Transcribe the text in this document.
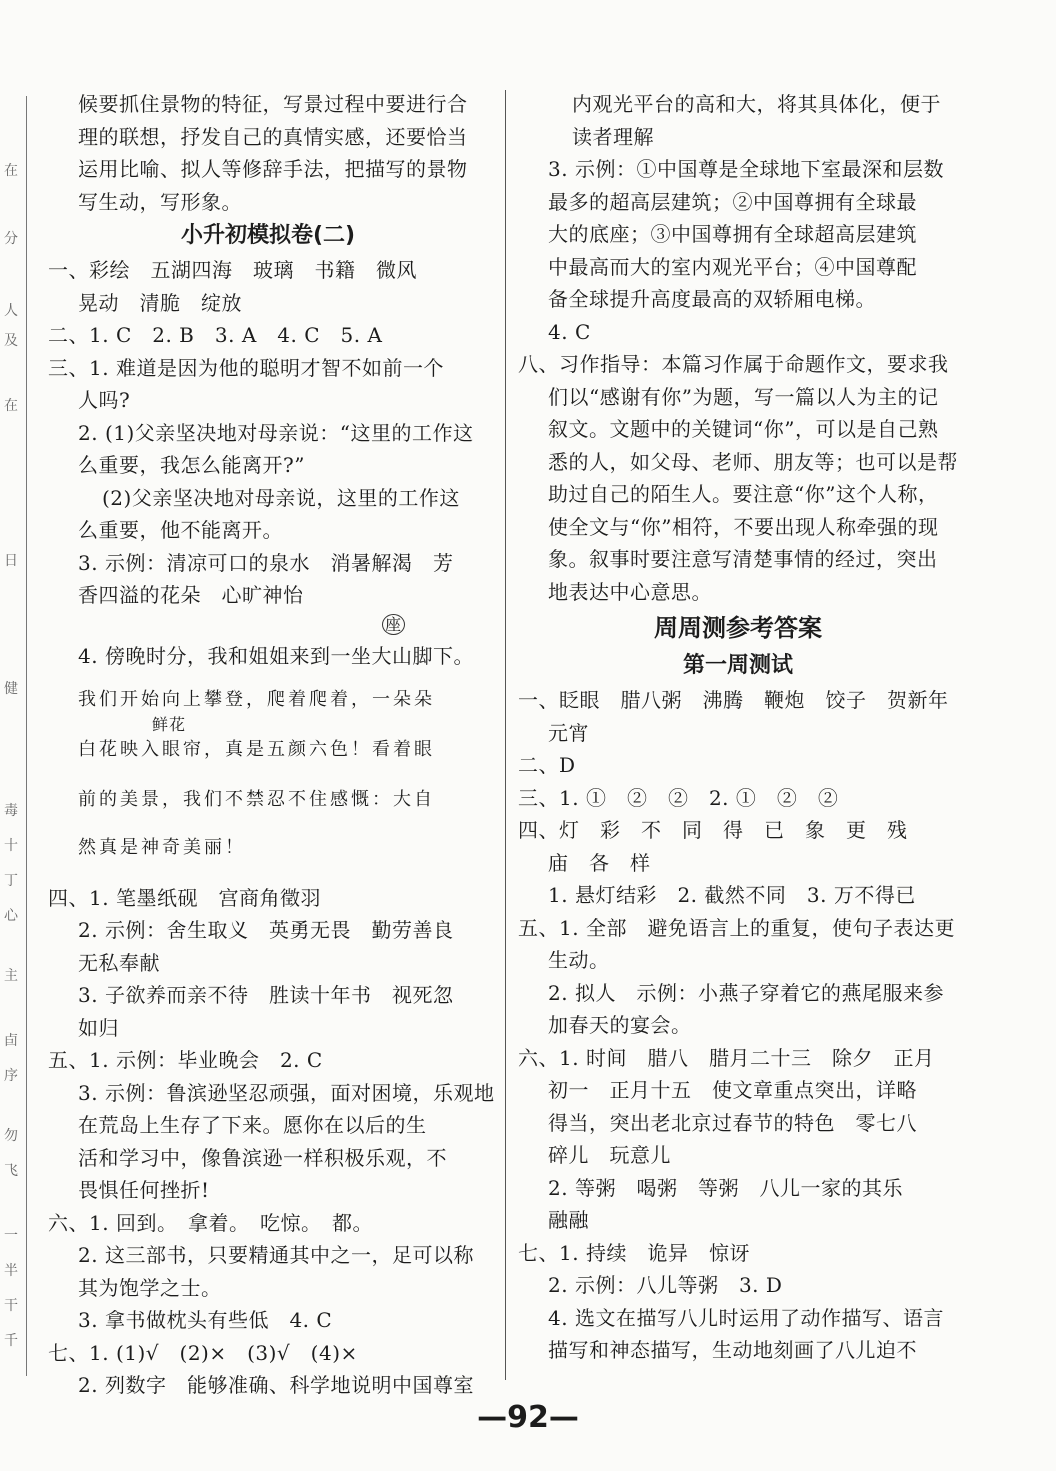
在
分
人
及
在
日
健
毒
十
丁
心
主
卣
序
勿
飞
一
半
干
千
候要抓住景物的特征，写景过程中要进行合
理的联想，抒发自己的真情实感，还要恰当
运用比喻、拟人等修辞手法，把描写的景物
写生动，写形象。
小升初模拟卷(二)
一、彩绘　五湖四海　玻璃　书籍　微风
晃动　清脆　绽放
二、1. C　2. B　3. A　4. C　5. A
三、1. 难道是因为他的聪明才智不如前一个
人吗?
2. (1)父亲坚决地对母亲说：“这里的工作这
么重要，我怎么能离开?”
(2)父亲坚决地对母亲说，这里的工作这
么重要，他不能离开。
3. 示例：清凉可口的泉水　消暑解渴　芳
香四溢的花朵　心旷神怡
座
4. 傍晚时分，我和姐姐来到一坐大山脚下。
我们开始向上攀登，爬着爬着，一朵朵
鲜花
白花映入眼帘，真是五颜六色！看着眼
前的美景，我们不禁忍不住感慨：大自
然真是神奇美丽！
四、1. 笔墨纸砚　宫商角徵羽
2. 示例：舍生取义　英勇无畏　勤劳善良
无私奉献
3. 子欲养而亲不待　胜读十年书　视死忽
如归
五、1. 示例：毕业晚会　2. C
3. 示例：鲁滨逊坚忍顽强，面对困境，乐观地
在荒岛上生存了下来。愿你在以后的生
活和学习中，像鲁滨逊一样积极乐观，不
畏惧任何挫折!
六、1. 回到。　拿着。　吃惊。　都。
2. 这三部书，只要精通其中之一，足可以称
其为饱学之士。
3. 拿书做枕头有些低　4. C
七、1. (1)√　(2)×　(3)√　(4)×
2. 列数字　能够准确、科学地说明中国尊室
内观光平台的高和大，将其具体化，便于
读者理解
3. 示例：①中国尊是全球地下室最深和层数
最多的超高层建筑；②中国尊拥有全球最
大的底座；③中国尊拥有全球超高层建筑
中最高而大的室内观光平台；④中国尊配
备全球提升高度最高的双轿厢电梯。
4. C
八、习作指导：本篇习作属于命题作文，要求我
们以“感谢有你”为题，写一篇以人为主的记
叙文。文题中的关键词“你”，可以是自己熟
悉的人，如父母、老师、朋友等；也可以是帮
助过自己的陌生人。要注意“你”这个人称，
使全文与“你”相符，不要出现人称牵强的现
象。叙事时要注意写清楚事情的经过，突出
地表达中心意思。
周周测参考答案
第一周测试
一、眨眼　腊八粥　沸腾　鞭炮　饺子　贺新年
元宵
二、D
三、1. ①　②　②　2. ①　②　②
四、灯　彩　不　同　得　已　象　更　残
庙　各　样
1. 悬灯结彩　2. 截然不同　3. 万不得已
五、1. 全部　避免语言上的重复，使句子表达更
生动。
2. 拟人　示例：小燕子穿着它的燕尾服来参
加春天的宴会。
六、1. 时间　腊八　腊月二十三　除夕　正月
初一　正月十五　使文章重点突出，详略
得当，突出老北京过春节的特色　零七八
碎儿　玩意儿
2. 等粥　喝粥　等粥　八儿一家的其乐
融融
七、1. 持续　诡异　惊讶
2. 示例：八儿等粥　3. D
4. 选文在描写八儿时运用了动作描写、语言
描写和神态描写，生动地刻画了八儿迫不
—92—
